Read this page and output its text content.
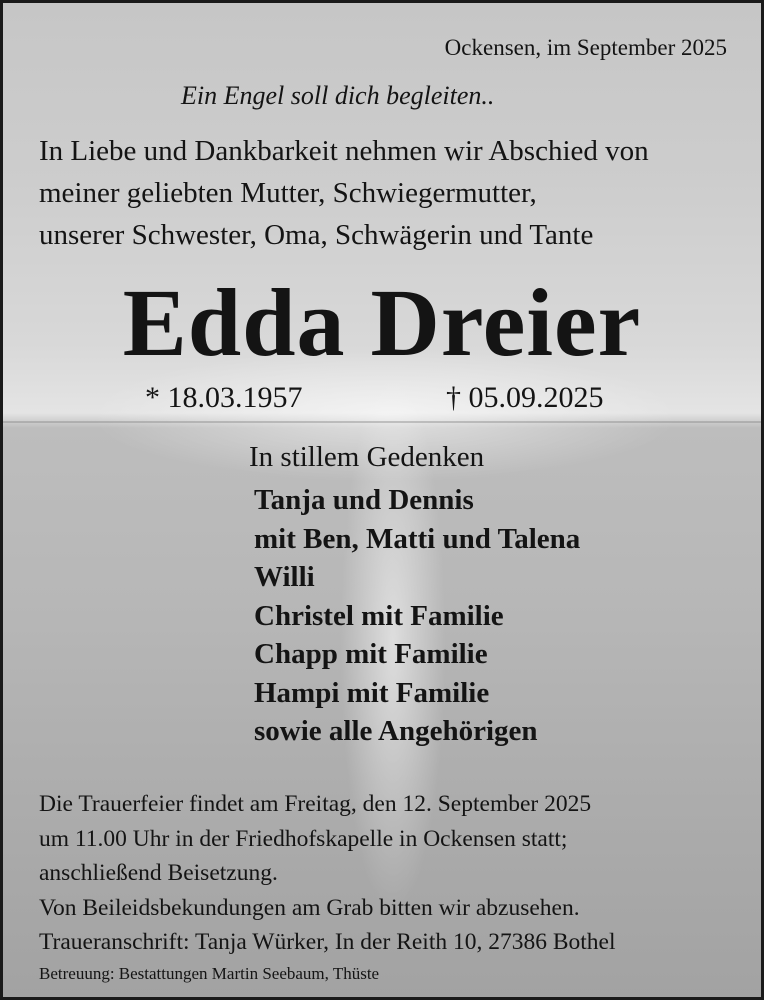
Ockensen, im September 2025
Ein Engel soll dich begleiten..
In Liebe und Dankbarkeit nehmen wir Abschied von
meiner geliebten Mutter, Schwiegermutter,
unserer Schwester, Oma, Schwägerin und Tante
Edda Dreier
* 18.03.1957	† 05.09.2025
In stillem Gedenken
Tanja und Dennis
mit Ben, Matti und Talena
Willi
Christel mit Familie
Chapp mit Familie
Hampi mit Familie
sowie alle Angehörigen
Die Trauerfeier findet am Freitag, den 12. September 2025
um 11.00 Uhr in der Friedhofskapelle in Ockensen statt;
anschließend Beisetzung.
Von Beileidsbekundungen am Grab bitten wir abzusehen.
Traueranschrift: Tanja Würker, In der Reith 10, 27386 Bothel
Betreuung: Bestattungen Martin Seebaum, Thüste
